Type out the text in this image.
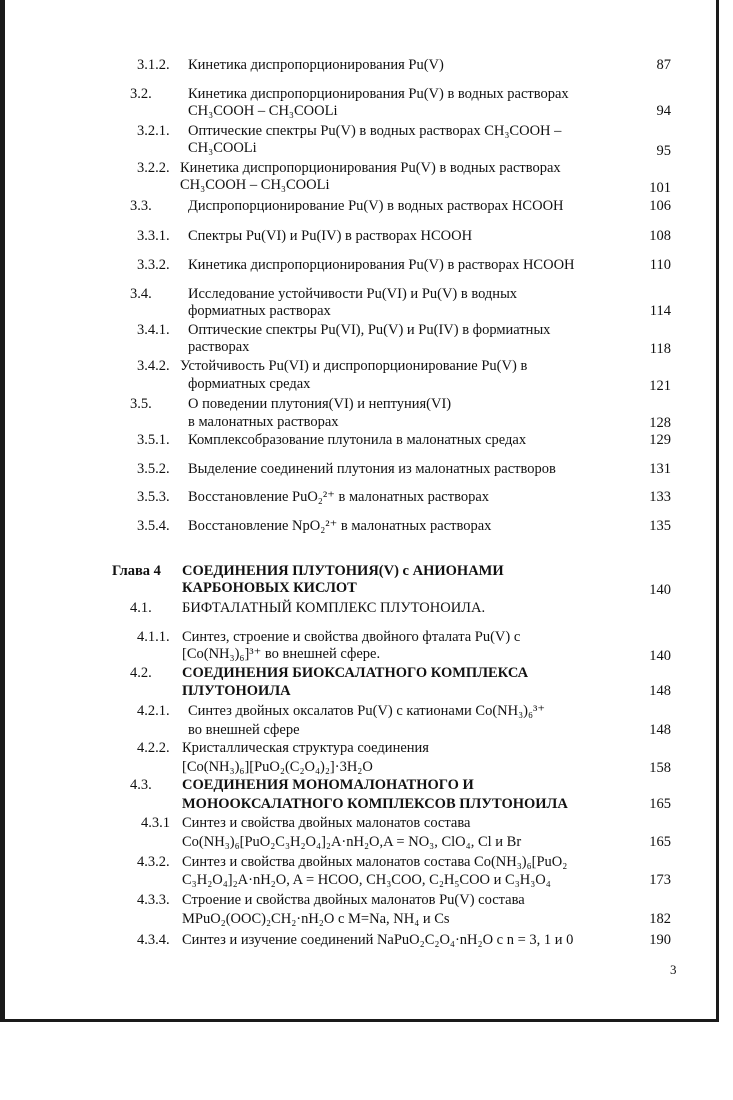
3.1.2. Кинетика диспропорционирования Pu(V)	87
3.2.	Кинетика диспропорционирования Pu(V) в водных растворах
CH₃COOH – CH₃COOLi	94
3.2.1. Оптические спектры Pu(V) в водных растворах CH₃COOH –
CH₃COOLi	95
3.2.2. Кинетика диспропорционирования Pu(V) в водных растворах
CH₃COOH – CH₃COOLi	101
3.3.	Диспропорционирование Pu(V) в водных растворах HCOOH	106
3.3.1. Спектры Pu(VI) и Pu(IV) в растворах HCOOH	108
3.3.2. Кинетика диспропорционирования Pu(V) в растворах HCOOH	110
3.4.	Исследование устойчивости Pu(VI) и Pu(V) в водных
формиатных растворах	114
3.4.1. Оптические спектры Pu(VI), Pu(V) и Pu(IV) в формиатных
растворах	118
3.4.2. Устойчивость Pu(VI) и диспропорционирование Pu(V) в
формиатных средах	121
3.5.	О поведении плутония(VI) и нептуния(VI)
в малонатных растворах	128
3.5.1. Комплексобразование плутонила в малонатных средах	129
3.5.2. Выделение соединений плутония из малонатных растворов	131
3.5.3. Восстановление PuO₂²⁺ в малонатных растворах	133
3.5.4. Восстановление NpO₂²⁺ в малонатных растворах	135
Глава 4 СОЕДИНЕНИЯ ПЛУТОНИЯ(V) с АНИОНАМИ
КАРБОНОВЫХ КИСЛОТ	140
4.1. БИФТАЛАТНЫЙ КОМПЛЕКС ПЛУТОНОИЛА.
4.1.1. Синтез, строение и свойства двойного фталата Pu(V) с
[Co(NH₃)₆]³⁺ во внешней сфере.	140
4.2. СОЕДИНЕНИЯ БИОКСАЛАТНОГО КОМПЛЕКСА
ПЛУТОНОИЛА	148
4.2.1. Синтез двойных оксалатов Pu(V) с катионами Co(NH₃)₆³⁺
во внешней сфере	148
4.2.2. Кристаллическая структура соединения
[Co(NH₃)₆][PuO₂(C₂O₄)₂]·3H₂O	158
4.3. СОЕДИНЕНИЯ МОНОМАЛОНАТНОГО И
МОНООКСАЛАТНОГО КОМПЛЕКСОВ ПЛУТОНОИЛА	165
4.3.1 Синтез и свойства двойных малонатов состава
Co(NH₃)₆[PuO₂C₃H₂O₄]₂A·nH₂O,A = NO₃, ClO₄, Cl и Br	165
4.3.2. Синтез и свойства двойных малонатов состава Co(NH₃)₆[PuO₂
C₃H₂O₄]₂A·nH₂O, A = HCOO, CH₃COO, C₂H₅COO и C₃H₃O₄	173
4.3.3. Строение и свойства двойных малонатов Pu(V) состава
MPuO₂(OOC)₂CH₂·nH₂O с M=Na, NH₄ и Cs	182
4.3.4. Синтез и изучение соединений NaPuO₂C₂O₄·nH₂O с n = 3, 1 и 0	190
3
